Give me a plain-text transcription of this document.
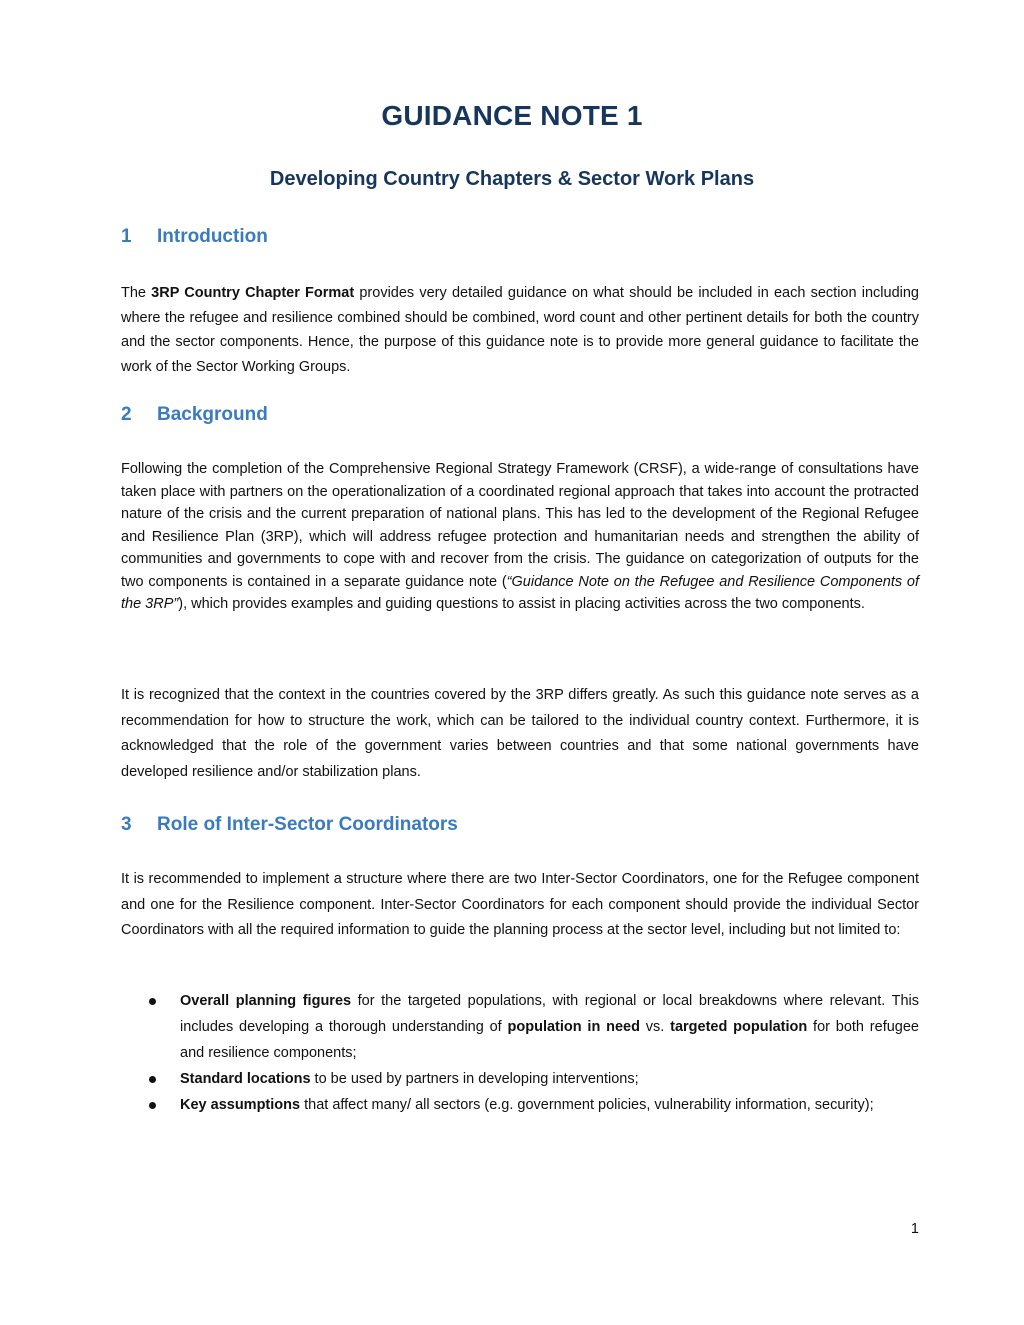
GUIDANCE NOTE 1
Developing Country Chapters & Sector Work Plans
1 Introduction

The 3RP Country Chapter Format provides very detailed guidance on what should be included in each section including where the refugee and resilience combined should be combined, word count and other pertinent details for both the country and the sector components. Hence, the purpose of this guidance note is to provide more general guidance to facilitate the work of the Sector Working Groups.

2 Background

Following the completion of the Comprehensive Regional Strategy Framework (CRSF), a wide-range of consultations have taken place with partners on the operationalization of a coordinated regional approach that takes into account the protracted nature of the crisis and the current preparation of national plans. This has led to the development of the Regional Refugee and Resilience Plan (3RP), which will address refugee protection and humanitarian needs and strengthen the ability of communities and governments to cope with and recover from the crisis. The guidance on categorization of outputs for the two components is contained in a separate guidance note (“Guidance Note on the Refugee and Resilience Components of the 3RP”), which provides examples and guiding questions to assist in placing activities across the two components.

It is recognized that the context in the countries covered by the 3RP differs greatly. As such this guidance note serves as a recommendation for how to structure the work, which can be tailored to the individual country context. Furthermore, it is acknowledged that the role of the government varies between countries and that some national governments have developed resilience and/or stabilization plans.

3 Role of Inter-Sector Coordinators

It is recommended to implement a structure where there are two Inter-Sector Coordinators, one for the Refugee component and one for the Resilience component. Inter-Sector Coordinators for each component should provide the individual Sector Coordinators with all the required information to guide the planning process at the sector level, including but not limited to:

Overall planning figures for the targeted populations, with regional or local breakdowns where relevant. This includes developing a thorough understanding of population in need vs. targeted population for both refugee and resilience components;
Standard locations to be used by partners in developing interventions;
Key assumptions that affect many/ all sectors (e.g. government policies, vulnerability information, security);
1
